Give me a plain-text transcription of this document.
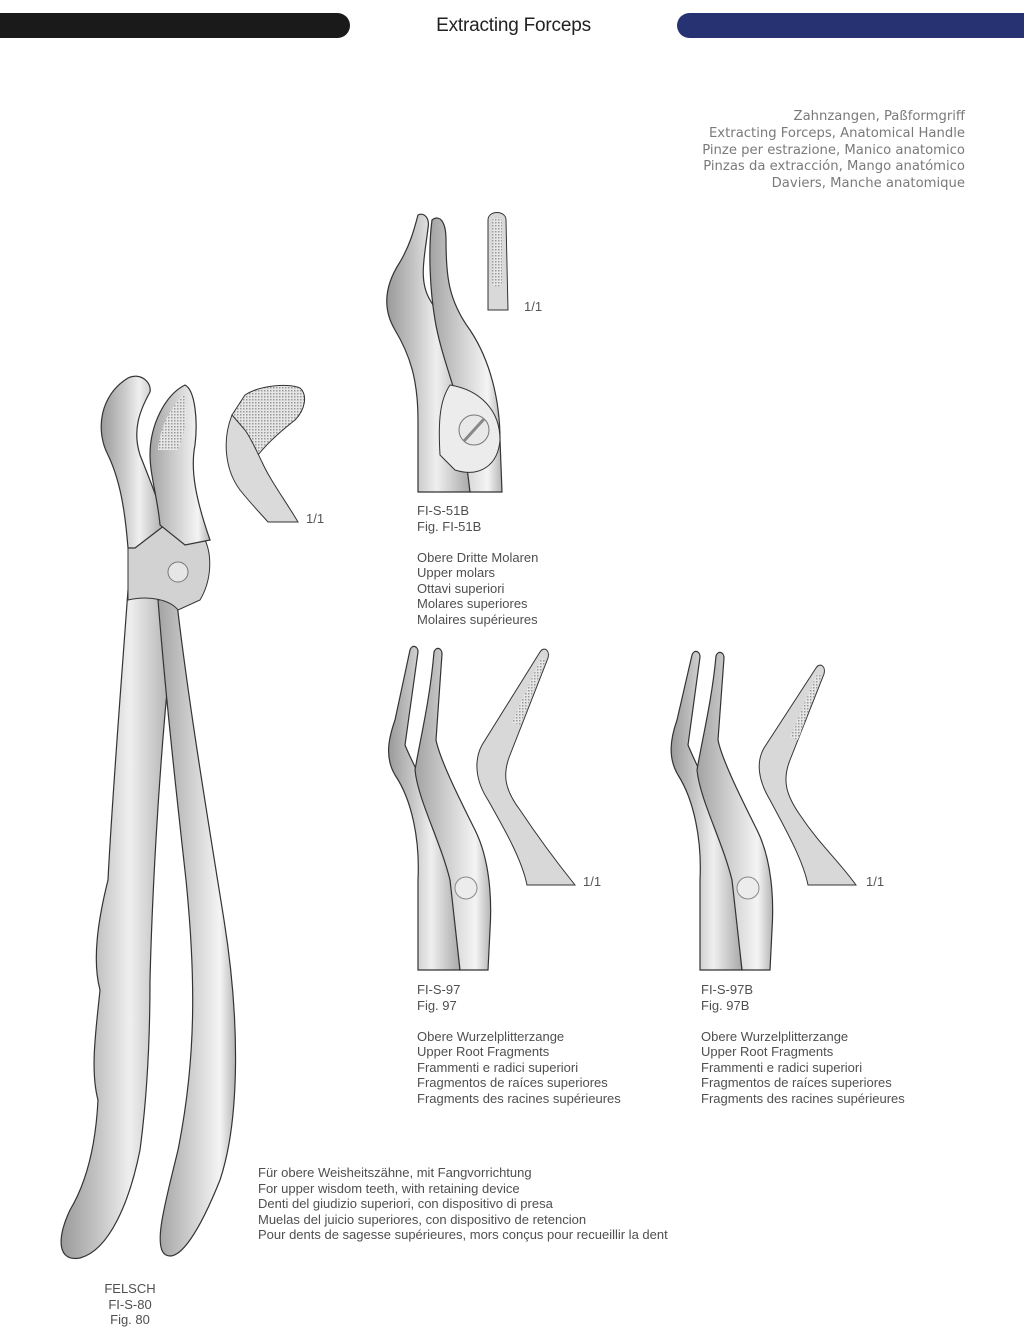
Extracting Forceps
Zahnzangen, Paßformgriff
Extracting Forceps, Anatomical Handle
Pinze per estrazione, Manico anatomico
Pinzas da extracción, Mango anatómico
Daviers, Manche anatomique
1/1
1/1
1/1	1/1
FI-S-51B
Fig. FI-51B
Obere Dritte Molaren
Upper molars
Ottavi superiori
Molares superiores
Molaires supérieures
FI-S-97
Fig. 97
Obere Wurzelplitterzange
Upper Root Fragments
Frammenti e radici superiori
Fragmentos de raíces superiores
Fragments des racines supérieures
FI-S-97B
Fig. 97B
Obere Wurzelplitterzange
Upper Root Fragments
Frammenti e radici superiori
Fragmentos de raíces superiores
Fragments des racines supérieures
Für obere Weisheitszähne, mit Fangvorrichtung
For upper wisdom teeth, with retaining device
Denti del giudizio superiori, con dispositivo di presa
Muelas del juicio superiores, con dispositivo de retencion
Pour dents de sagesse supérieures, mors conçus pour recueillir la dent
FELSCH
FI-S-80
Fig. 80
